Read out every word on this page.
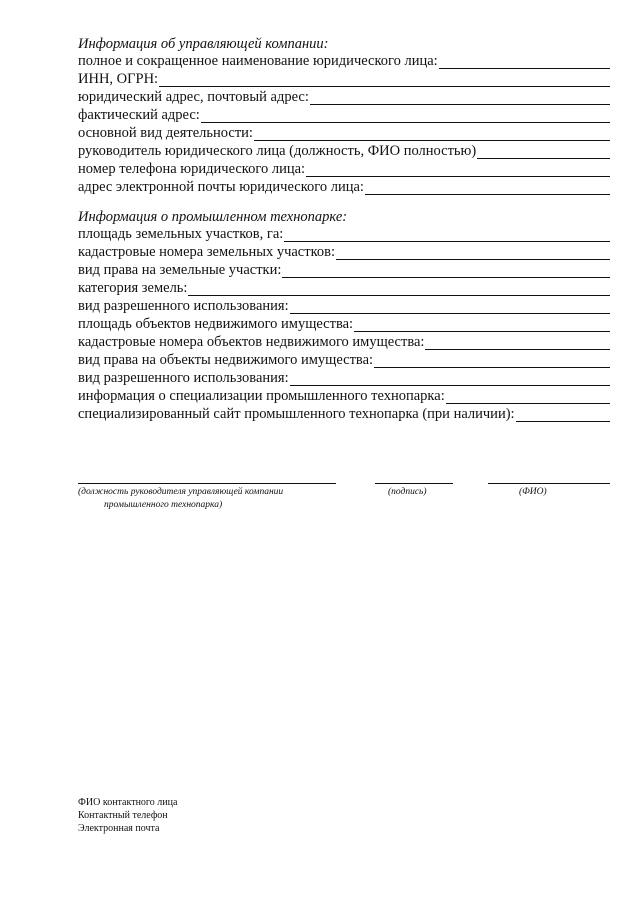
Информация об управляющей компании:
полное и сокращенное наименование юридического лица:
ИНН, ОГРН:
юридический адрес, почтовый адрес:
фактический адрес:
основной вид деятельности:
руководитель юридического лица (должность, ФИО полностью)
номер телефона юридического лица:
адрес электронной почты юридического лица:
Информация о промышленном технопарке:
площадь земельных участков, га:
кадастровые номера земельных участков:
вид права на земельные участки:
категория земель:
вид разрешенного использования:
площадь объектов недвижимого имущества:
кадастровые номера объектов недвижимого имущества:
вид права на объекты недвижимого имущества:
вид разрешенного использования:
информация о специализации промышленного технопарка:
специализированный сайт промышленного технопарка (при наличии):
(должность руководителя управляющей компании
промышленного технопарка)
(подпись)	(ФИО)
ФИО контактного лица
Контактный телефон
Электронная почта
